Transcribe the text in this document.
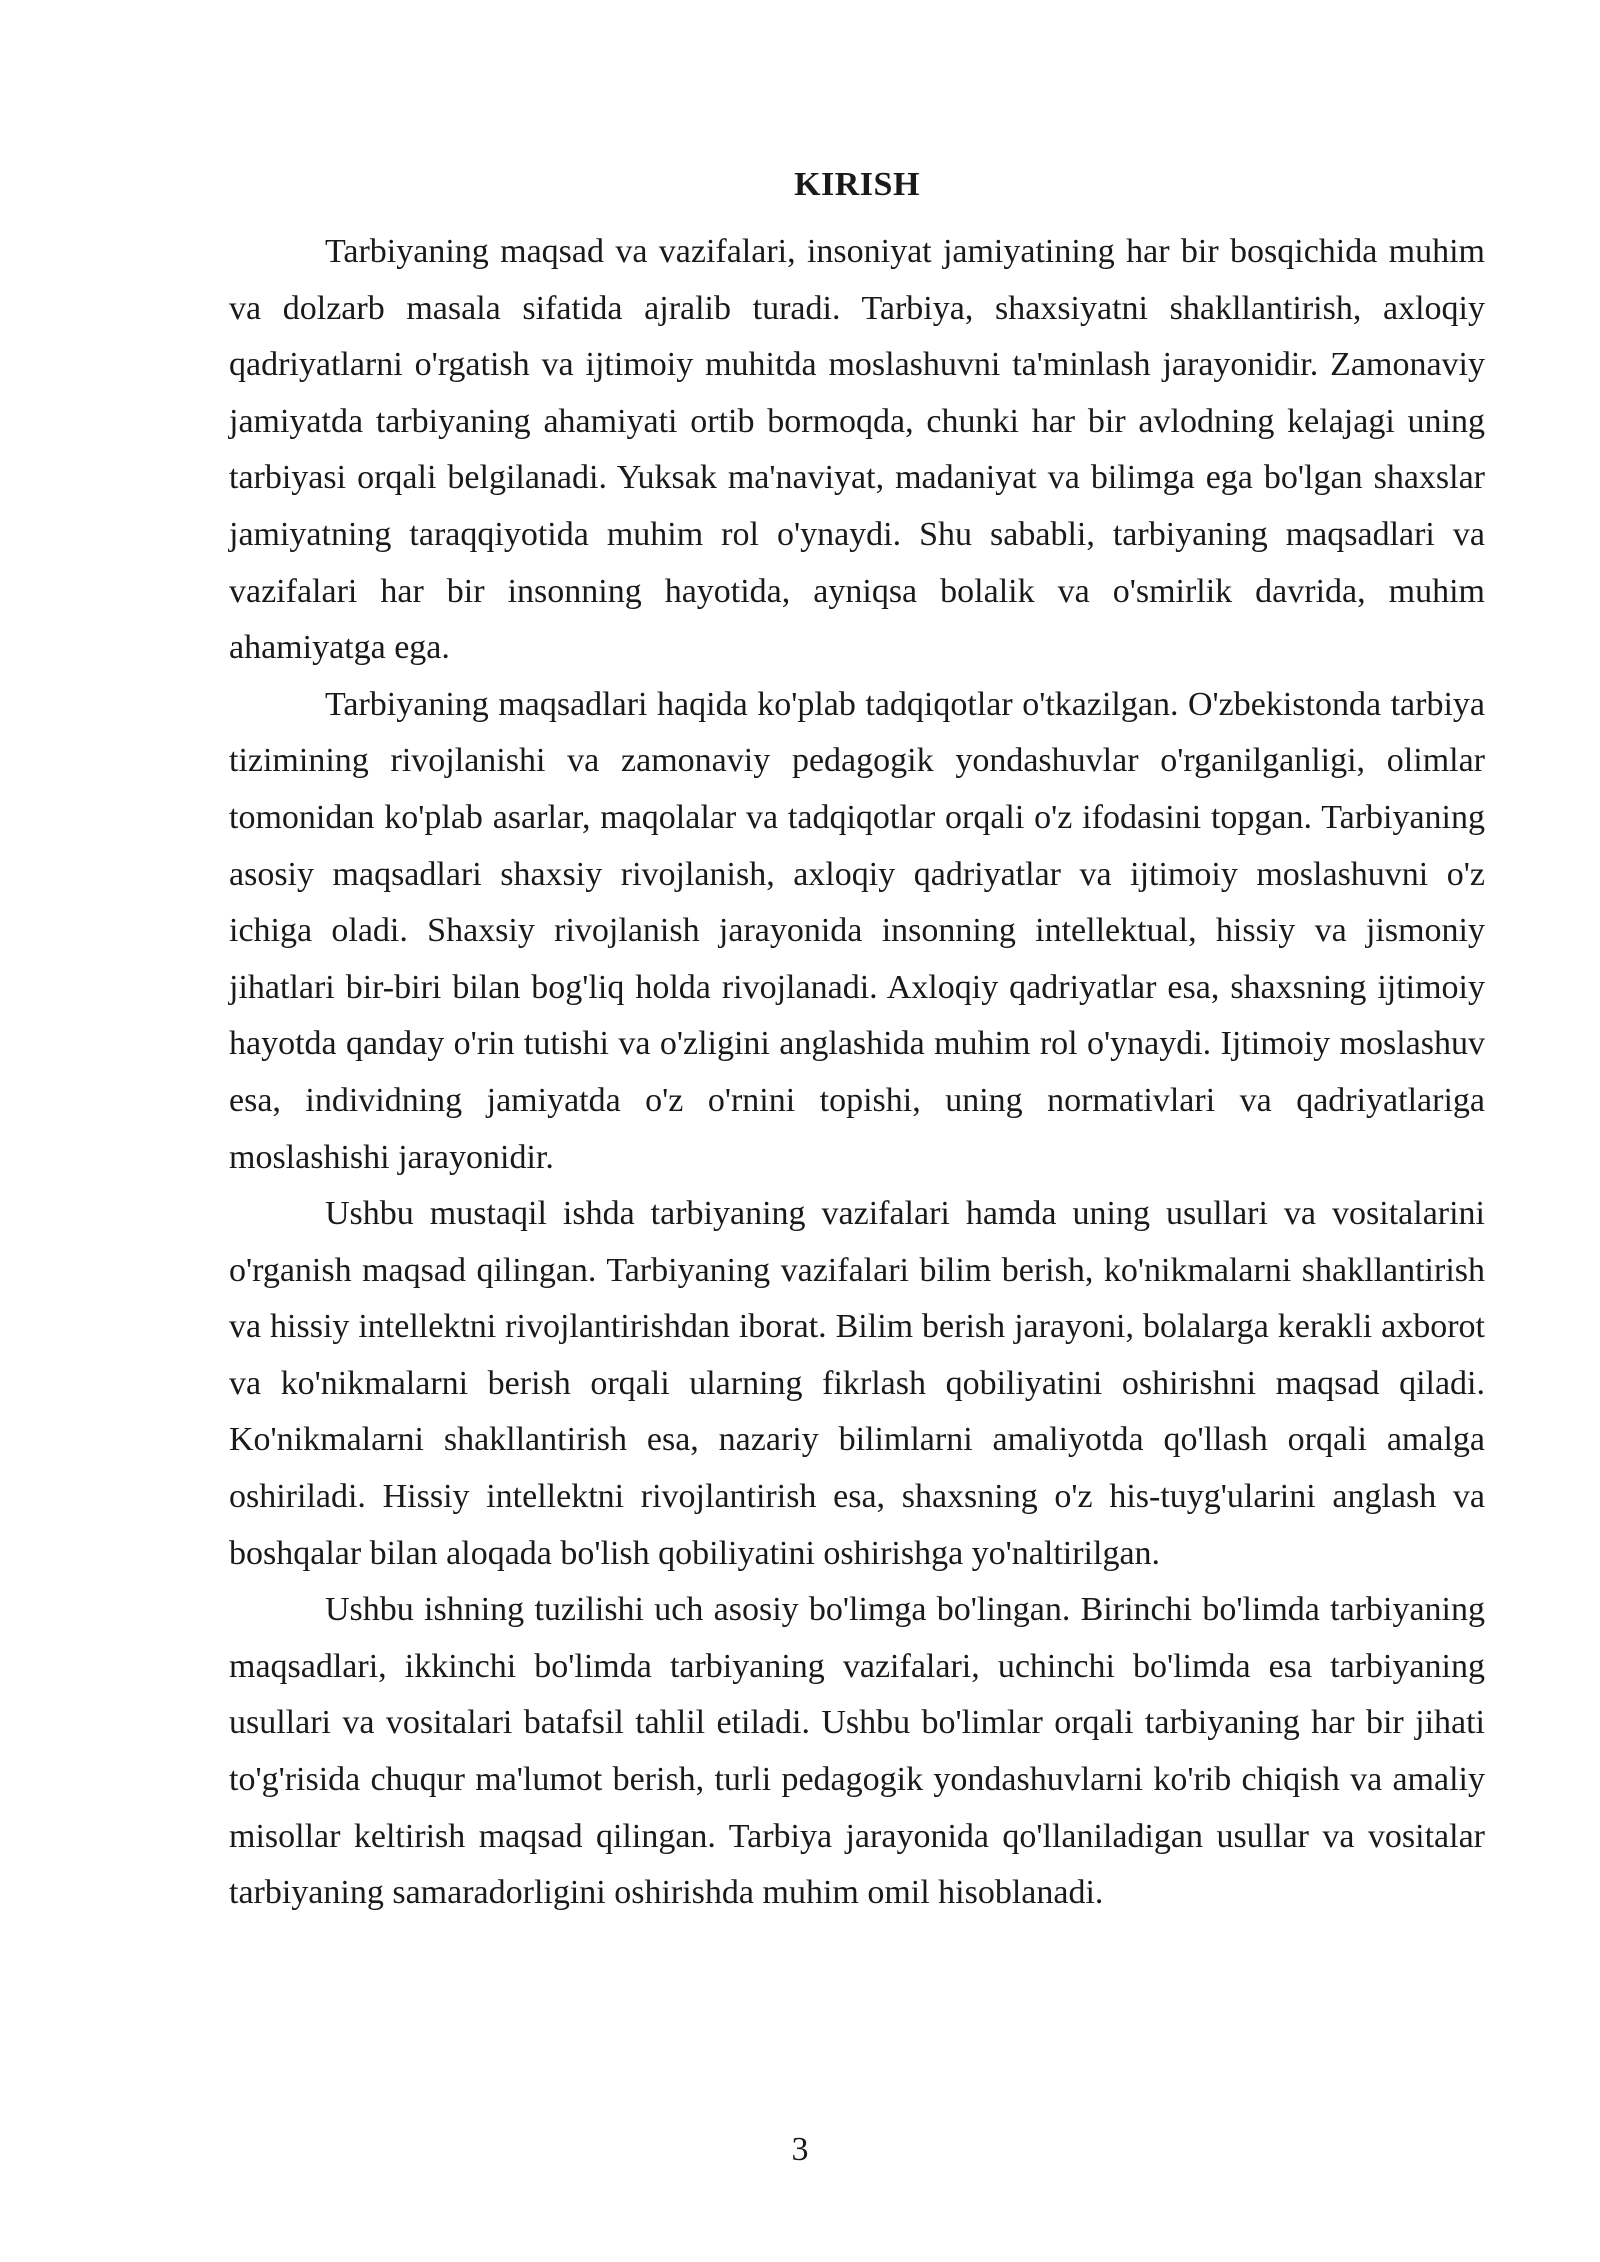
KIRISH

Tarbiyaning maqsad va vazifalari, insoniyat jamiyatining har bir bosqichida muhim va dolzarb masala sifatida ajralib turadi. Tarbiya, shaxsiyatni shakllantirish, axloqiy qadriyatlarni o'rgatish va ijtimoiy muhitda moslashuvni ta'minlash jarayonidir. Zamonaviy jamiyatda tarbiyaning ahamiyati ortib bormoqda, chunki har bir avlodning kelajagi uning tarbiyasi orqali belgilanadi. Yuksak ma'naviyat, madaniyat va bilimga ega bo'lgan shaxslar jamiyatning taraqqiyotida muhim rol o'ynaydi. Shu sababli, tarbiyaning maqsadlari va vazifalari har bir insonning hayotida, ayniqsa bolalik va o'smirlik davrida, muhim ahamiyatga ega.

Tarbiyaning maqsadlari haqida ko'plab tadqiqotlar o'tkazilgan. O'zbekistonda tarbiya tizimining rivojlanishi va zamonaviy pedagogik yondashuvlar o'rganilganligi, olimlar tomonidan ko'plab asarlar, maqolalar va tadqiqotlar orqali o'z ifodasini topgan. Tarbiyaning asosiy maqsadlari shaxsiy rivojlanish, axloqiy qadriyatlar va ijtimoiy moslashuvni o'z ichiga oladi. Shaxsiy rivojlanish jarayonida insonning intellektual, hissiy va jismoniy jihatlari bir-biri bilan bog'liq holda rivojlanadi. Axloqiy qadriyatlar esa, shaxsning ijtimoiy hayotda qanday o'rin tutishi va o'zligini anglashida muhim rol o'ynaydi. Ijtimoiy moslashuv esa, individning jamiyatda o'z o'rnini topishi, uning normativlari va qadriyatlariga moslashishi jarayonidir.

Ushbu mustaqil ishda tarbiyaning vazifalari hamda uning usullari va vositalarini o'rganish maqsad qilingan. Tarbiyaning vazifalari bilim berish, ko'nikmalarni shakllantirish va hissiy intellektni rivojlantirishdan iborat. Bilim berish jarayoni, bolalarga kerakli axborot va ko'nikmalarni berish orqali ularning fikrlash qobiliyatini oshirishni maqsad qiladi. Ko'nikmalarni shakllantirish esa, nazariy bilimlarni amaliyotda qo'llash orqali amalga oshiriladi. Hissiy intellektni rivojlantirish esa, shaxsning o'z his-tuyg'ularini anglash va boshqalar bilan aloqada bo'lish qobiliyatini oshirishga yo'naltirilgan.

Ushbu ishning tuzilishi uch asosiy bo'limga bo'lingan. Birinchi bo'limda tarbiyaning maqsadlari, ikkinchi bo'limda tarbiyaning vazifalari, uchinchi bo'limda esa tarbiyaning usullari va vositalari batafsil tahlil etiladi. Ushbu bo'limlar orqali tarbiyaning har bir jihati to'g'risida chuqur ma'lumot berish, turli pedagogik yondashuvlarni ko'rib chiqish va amaliy misollar keltirish maqsad qilingan. Tarbiya jarayonida qo'llaniladigan usullar va vositalar tarbiyaning samaradorligini oshirishda muhim omil hisoblanadi.

3
